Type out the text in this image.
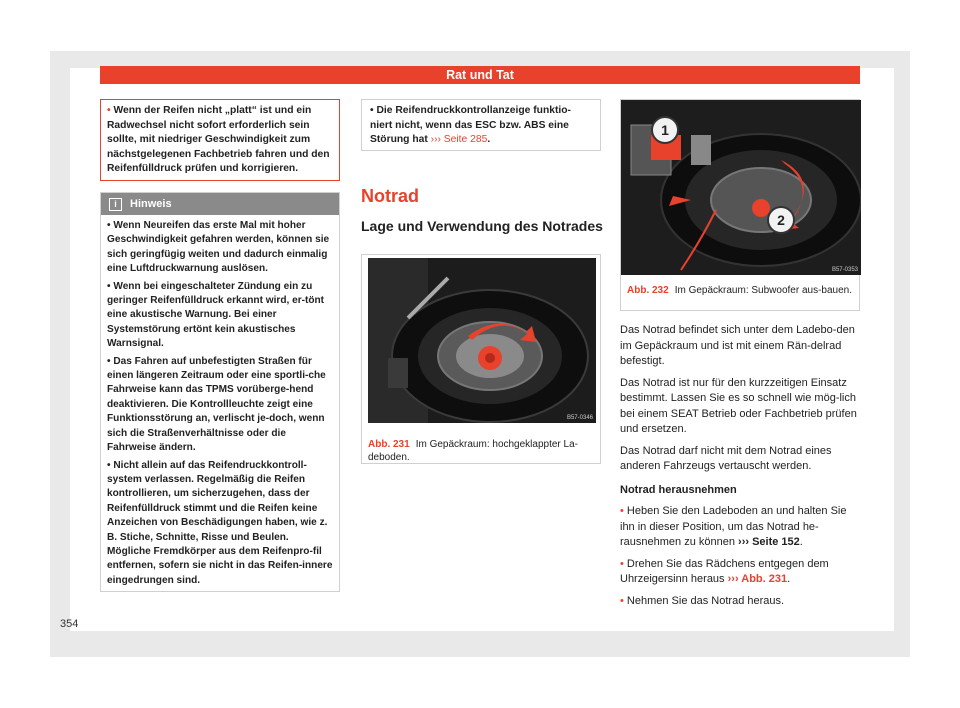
Rat und Tat
• Wenn der Reifen nicht „platt“ ist und ein Radwechsel nicht sofort erforderlich sein sollte, mit niedriger Geschwindigkeit zum nächstgelegenen Fachbetrieb fahren und den Reifenfülldruck prüfen und korrigieren.
i Hinweis

• Wenn Neureifen das erste Mal mit hoher Geschwindigkeit gefahren werden, können sie sich geringfügig weiten und dadurch einmalig eine Luftdruckwarnung auslösen.

• Wenn bei eingeschalteter Zündung ein zu geringer Reifenfülldruck erkannt wird, er-tönt eine akustische Warnung. Bei einer Systemstörung ertönt kein akustisches Warnsignal.

• Das Fahren auf unbefestigten Straßen für einen längeren Zeitraum oder eine sportli-che Fahrweise kann das TPMS vorüberge-hend deaktivieren. Die Kontrollleuchte zeigt eine Funktionsstörung an, verlischt je-doch, wenn sich die Straßenverhältnisse oder die Fahrweise ändern.

• Nicht allein auf das Reifendruckkontroll-system verlassen. Regelmäßig die Reifen kontrollieren, um sicherzugehen, dass der Reifenfülldruck stimmt und die Reifen keine Anzeichen von Beschädigungen haben, wie z. B. Stiche, Schnitte, Risse und Beulen. Mögliche Fremdkörper aus dem Reifenpro-fil entfernen, sofern sie nicht in das Reifen-innere eingedrungen sind.

• Die Reifendruckkontrollanzeige funktio-niert nicht, wenn das ESC bzw. ABS eine Störung hat ››› Seite 285.
Notrad
Lage und Verwendung des Notrades
B57-0346
Abb. 231 Im Gepäckraum: hochgeklappter La-deboden.
1
2
B57-0353
Abb. 232 Im Gepäckraum: Subwoofer aus-bauen.

Das Notrad befindet sich unter dem Ladebo-den im Gepäckraum und ist mit einem Rän-delrad befestigt.

Das Notrad ist nur für den kurzzeitigen Einsatz bestimmt. Lassen Sie es so schnell wie mög-lich bei einem SEAT Betrieb oder Fachbetrieb prüfen und ersetzen.

Das Notrad darf nicht mit dem Notrad eines anderen Fahrzeugs vertauscht werden.

Notrad herausnehmen

• Heben Sie den Ladeboden an und halten Sie ihn in dieser Position, um das Notrad he-rausnehmen zu können ››› Seite 152.

• Drehen Sie das Rädchens entgegen dem Uhrzeigersinn heraus ››› Abb. 231.

• Nehmen Sie das Notrad heraus.

354
